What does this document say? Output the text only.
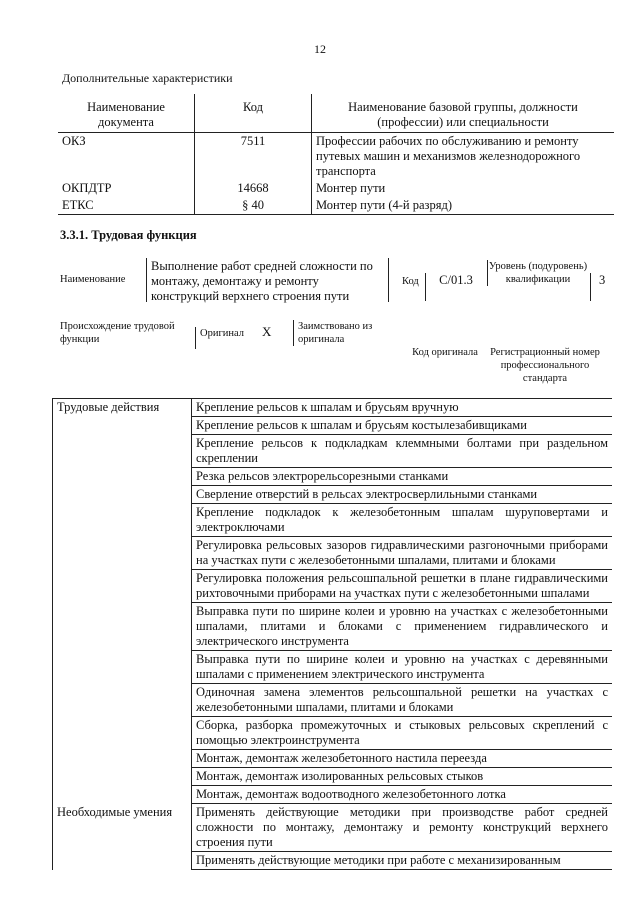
12
Дополнительные характеристики
Наименование документа	Код	Наименование базовой группы, должности (профессии) или специальности
ОКЗ	7511	Профессии рабочих по обслуживанию и ремонту путевых машин и механизмов железнодорожного транспорта
ОКПДТР	14668	Монтер пути
ЕТКС	§ 40	Монтер пути (4-й разряд)
3.3.1. Трудовая функция
Наименование
Выполнение работ средней сложности по монтажу, демонтажу и ремонту конструкций верхнего строения пути
Код	C/01.3
Уровень (подуровень) квалификации	3
Происхождение трудовой функции
Оригинал	X	Заимствовано из оригинала
Код оригинала	Регистрационный номер профессионального стандарта
Трудовые действия	Крепление рельсов к шпалам и брусьям вручную
	Крепление рельсов к шпалам и брусьям костылезабивщиками
	Крепление рельсов к подкладкам клеммными болтами при раздельном скреплении
	Резка рельсов электрорельсорезными станками
	Сверление отверстий в рельсах электросверлильными станками
	Крепление подкладок к железобетонным шпалам шуруповертами и электроключами
	Регулировка рельсовых зазоров гидравлическими разгоночными приборами на участках пути с железобетонными шпалами, плитами и блоками
	Регулировка положения рельсошпальной решетки в плане гидравлическими рихтовочными приборами на участках пути с железобетонными шпалами
	Выправка пути по ширине колеи и уровню на участках с железобетонными шпалами, плитами и блоками с применением гидравлического и электрического инструмента
	Выправка пути по ширине колеи и уровню на участках с деревянными шпалами с применением электрического инструмента
	Одиночная замена элементов рельсошпальной решетки на участках с железобетонными шпалами, плитами и блоками
	Сборка, разборка промежуточных и стыковых рельсовых скреплений с помощью электроинструмента
	Монтаж, демонтаж железобетонного настила переезда
	Монтаж, демонтаж изолированных рельсовых стыков
	Монтаж, демонтаж водоотводного железобетонного лотка
Необходимые умения	Применять действующие методики при производстве работ средней сложности по монтажу, демонтажу и ремонту конструкций верхнего строения пути
	Применять действующие методики при работе с механизированным
